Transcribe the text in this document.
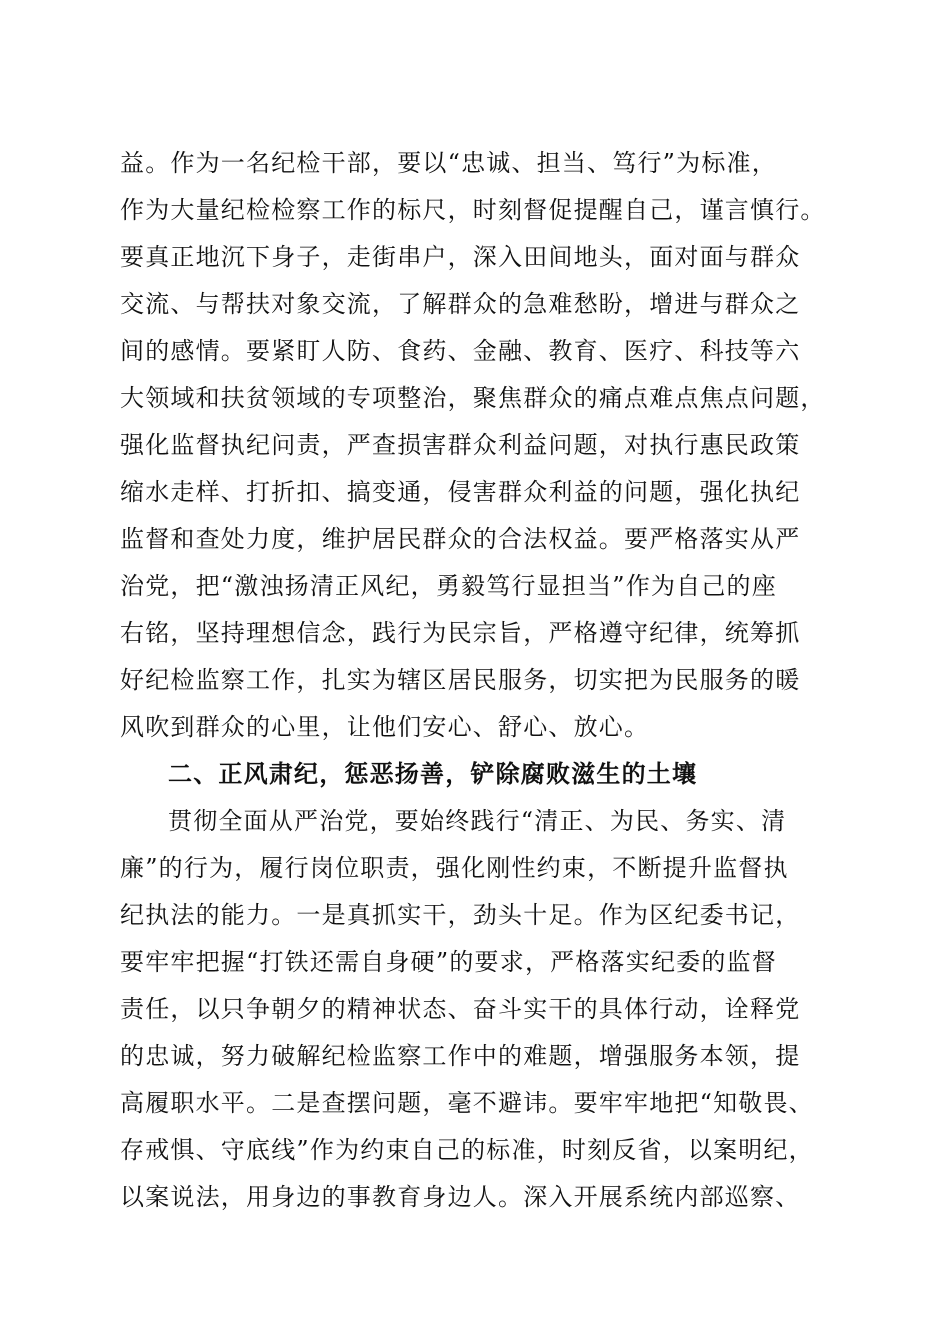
益。作为一名纪检干部，要以“忠诚、担当、笃行”为标准，
作为大量纪检检察工作的标尺，时刻督促提醒自己，谨言慎行。
要真正地沉下身子，走街串户，深入田间地头，面对面与群众
交流、与帮扶对象交流，了解群众的急难愁盼，增进与群众之
间的感情。要紧盯人防、食药、金融、教育、医疗、科技等六
大领域和扶贫领域的专项整治，聚焦群众的痛点难点焦点问题，
强化监督执纪问责，严查损害群众利益问题，对执行惠民政策
缩水走样、打折扣、搞变通，侵害群众利益的问题，强化执纪
监督和查处力度，维护居民群众的合法权益。要严格落实从严
治党，把“激浊扬清正风纪，勇毅笃行显担当”作为自己的座
右铭，坚持理想信念，践行为民宗旨，严格遵守纪律，统筹抓
好纪检监察工作，扎实为辖区居民服务，切实把为民服务的暖
风吹到群众的心里，让他们安心、舒心、放心。
二、正风肃纪，惩恶扬善，铲除腐败滋生的土壤
贯彻全面从严治党，要始终践行“清正、为民、务实、清
廉”的行为，履行岗位职责，强化刚性约束，不断提升监督执
纪执法的能力。一是真抓实干，劲头十足。作为区纪委书记，
要牢牢把握“打铁还需自身硬”的要求，严格落实纪委的监督
责任，以只争朝夕的精神状态、奋斗实干的具体行动，诠释党
的忠诚，努力破解纪检监察工作中的难题，增强服务本领，提
高履职水平。二是查摆问题，毫不避讳。要牢牢地把“知敬畏、
存戒惧、守底线”作为约束自己的标准，时刻反省，以案明纪，
以案说法，用身边的事教育身边人。深入开展系统内部巡察、
